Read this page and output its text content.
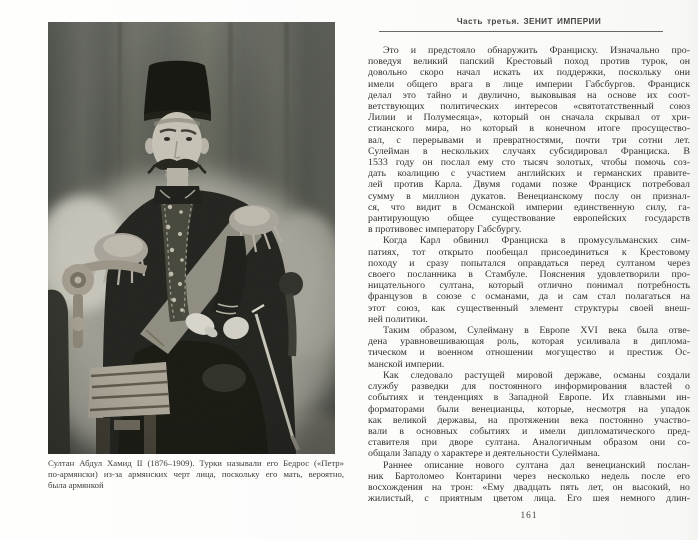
Султан Абдул Хамид II (1876–1909). Турки называли его Бедрос («Петр»
по-армянски) из-за армянских черт лица, поскольку его мать, вероятно,
была армянкой
Часть третья. ЗЕНИТ ИМПЕРИИ
Это и предстояло обнаружить Франциску. Изначально про-
поведуя великий папский Крестовый поход против турок, он
довольно скоро начал искать их поддержки, поскольку они
имели общего врага в лице империи Габсбургов. Франциск
делал это тайно и двулично, выковывая на основе их соот-
ветствующих политических интересов «святотатственный союз
Лилии и Полумесяца», который он сначала скрывал от хри-
стианского мира, но который в конечном итоге просущество-
вал, с перерывами и превратностями, почти три сотни лет.
Сулейман в нескольких случаях субсидировал Франциска. В
1533 году он послал ему сто тысяч золотых, чтобы помочь соз-
дать коалицию с участием английских и германских правите-
лей против Карла. Двумя годами позже Франциск потребовал
сумму в миллион дукатов. Венецианскому послу он признал-
ся, что видит в Османской империи единственную силу, га-
рантирующую общее существование европейских государств
в противовес императору Габсбургу.
Когда Карл обвинил Франциска в промусульманских сим-
патиях, тот открыто пообещал присоединиться к Крестовому
походу и сразу попытался оправдаться перед султаном через
своего посланника в Стамбуле. Пояснения удовлетворили про-
ницательного султана, который отлично понимал потребность
французов в союзе с османами, да и сам стал полагаться на
этот союз, как существенный элемент структуры своей внеш-
ней политики.
Таким образом, Сулейману в Европе XVI века была отве-
дена уравновешивающая роль, которая усиливала в диплома-
тическом и военном отношении могущество и престиж Ос-
манской империи.
Как следовало растущей мировой державе, османы создали
службу разведки для постоянного информирования властей о
событиях и тенденциях в Западной Европе. Их главными ин-
форматорами были венецианцы, которые, несмотря на упадок
как великой державы, на протяжении века постоянно участво-
вали в основных событиях и имели дипломатического пред-
ставителя при дворе султана. Аналогичным образом они со-
общали Западу о характере и деятельности Сулеймана.
Раннее описание нового султана дал венецианский послан-
ник Бартоломео Контарини через несколько недель после его
восхождения на трон: «Ему двадцать пять лет, он высокий, но
жилистый, с приятным цветом лица. Его шея немного длин-
161
